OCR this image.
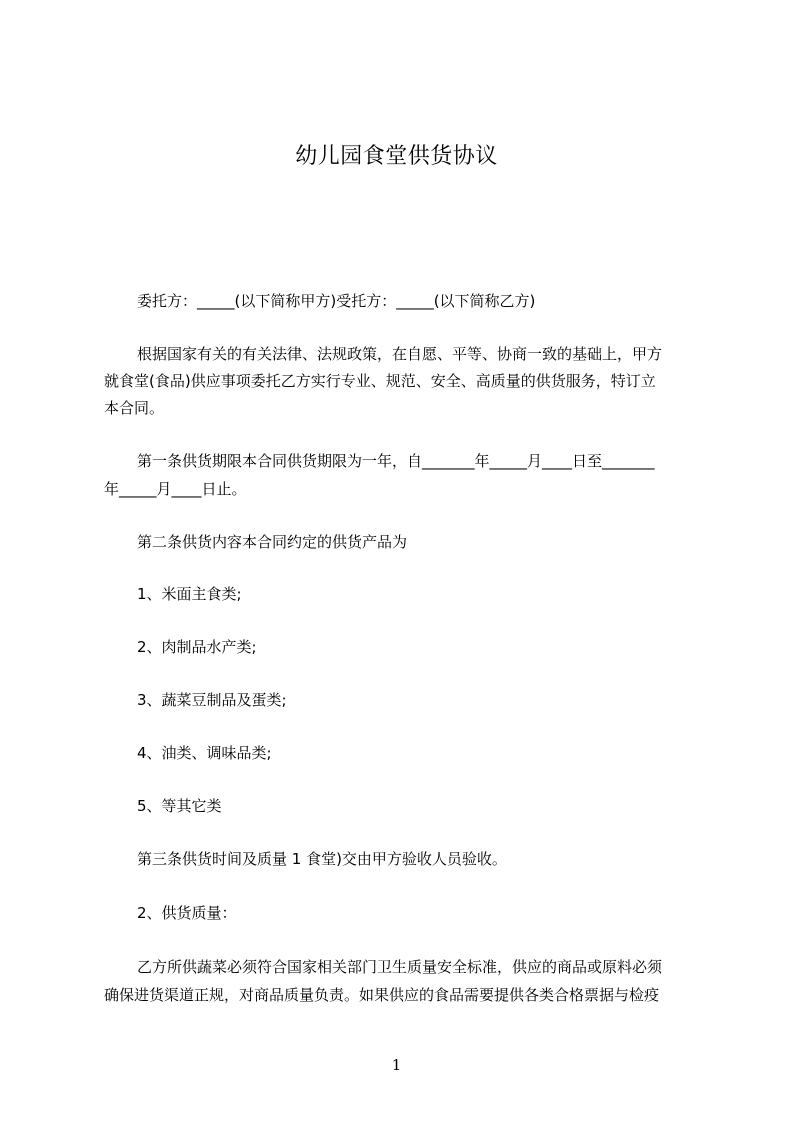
幼儿园食堂供货协议
委托方：_____(以下简称甲方)受托方：_____(以下简称乙方)
根据国家有关的有关法律、法规政策，在自愿、平等、协商一致的基础上，甲方
就食堂(食品)供应事项委托乙方实行专业、规范、安全、高质量的供货服务，特订立
本合同。
第一条供货期限本合同供货期限为一年，自_______年_____月____日至_______
年_____月____日止。
第二条供货内容本合同约定的供货产品为
1、米面主食类;
2、肉制品水产类;
3、蔬菜豆制品及蛋类;
4、油类、调味品类;
5、等其它类
第三条供货时间及质量 1 食堂)交由甲方验收人员验收。
2、供货质量：
乙方所供蔬菜必须符合国家相关部门卫生质量安全标准，供应的商品或原料必须
确保进货渠道正规，对商品质量负责。如果供应的食品需要提供各类合格票据与检疫
1
